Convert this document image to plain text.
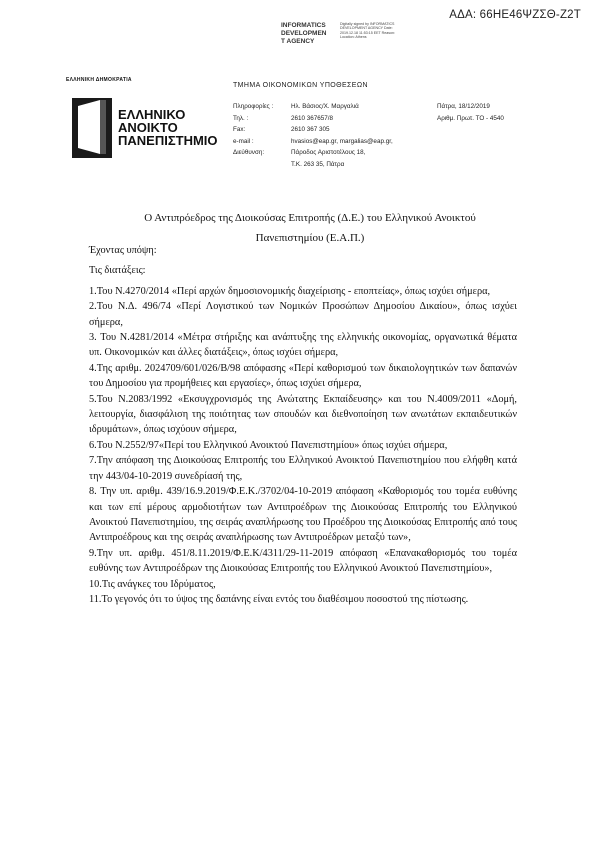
ΑΔΑ: 66ΗΕ46ΨΖΣΘ-Ζ2Τ
INFORMATICS
DEVELOPMEN
T AGENCY
Digitally signed by INFORMATICS DEVELOPMENT AGENCY Date: 2019.12.18 11:53:15 EET Reason: Location: Athens
ΕΛΛΗΝΙΚΗ ΔΗΜΟΚΡΑΤΙΑ
ΕΛΛΗΝΙΚΟ
ΑΝΟΙΚΤΟ
ΠΑΝΕΠΙΣΤΗΜΙΟ
ΤΜΗΜΑ ΟΙΚΟΝΟΜΙΚΩΝ ΥΠΟΘΕΣΕΩΝ
Πληροφορίες :
Τηλ. :
Fax:
e-mail :
Διεύθυνση:
Ηλ. Βάσιος/Χ. Μαργαλιά
2610 367657/8
2610 367 305
hvasios@eap.gr, margalias@eap.gr,
Πάροδος Αριστοτέλους 18,
Τ.Κ. 263 35, Πάτρα
Πάτρα, 18/12/2019
Αριθμ. Πρωτ. ΤΟ - 4540
Ο Αντιπρόεδρος της Διοικούσας Επιτροπής (Δ.Ε.) του Ελληνικού Ανοικτού
Πανεπιστημίου (Ε.Α.Π.)

Έχοντας υπόψη:

Τις διατάξεις:

1.Του Ν.4270/2014 «Περί αρχών δημοσιονομικής διαχείρισης - εποπτείας», όπως ισχύει σήμερα,

2.Του Ν.Δ. 496/74 «Περί Λογιστικού των Νομικών Προσώπων Δημοσίου Δικαίου», όπως ισχύει σήμερα,

3. Του Ν.4281/2014 «Μέτρα στήριξης και ανάπτυξης της ελληνικής οικονομίας, οργανωτικά θέματα υπ. Οικονομικών και άλλες διατάξεις», όπως ισχύει σήμερα,

4.Της αριθμ. 2024709/601/026/Β/98 απόφασης «Περί καθορισμού των δικαιολογητικών των δαπανών του Δημοσίου για προμήθειες και εργασίες», όπως ισχύει σήμερα,

5.Του Ν.2083/1992 «Εκσυγχρονισμός της Ανώτατης Εκπαίδευσης» και του Ν.4009/2011 «Δομή, λειτουργία, διασφάλιση της ποιότητας των σπουδών και διεθνοποίηση των ανωτάτων εκπαιδευτικών ιδρυμάτων», όπως ισχύουν σήμερα,

6.Του Ν.2552/97«Περί του Ελληνικού Ανοικτού Πανεπιστημίου» όπως ισχύει σήμερα,

7.Την απόφαση της Διοικούσας Επιτροπής του Ελληνικού Ανοικτού Πανεπιστημίου που ελήφθη κατά την 443/04-10-2019 συνεδρίασή της,

8. Την υπ. αριθμ. 439/16.9.2019/Φ.Ε.Κ./3702/04-10-2019 απόφαση «Καθορισμός του τομέα ευθύνης και των επί μέρους αρμοδιοτήτων των Αντιπροέδρων της Διοικούσας Επιτροπής του Ελληνικού Ανοικτού Πανεπιστημίου, της σειράς αναπλήρωσης του Προέδρου της Διοικούσας Επιτροπής από τους Αντιπροέδρους και της σειράς αναπλήρωσης των Αντιπροέδρων μεταξύ των»,

9.Την υπ. αριθμ. 451/8.11.2019/Φ.Ε.Κ/4311/29-11-2019 απόφαση «Επανακαθορισμός του τομέα ευθύνης των Αντιπροέδρων της Διοικούσας Επιτροπής του Ελληνικού Ανοικτού Πανεπιστημίου»,

10.Τις ανάγκες του Ιδρύματος,

11.Το γεγονός ότι το ύψος της δαπάνης είναι εντός του διαθέσιμου ποσοστού της πίστωσης.
